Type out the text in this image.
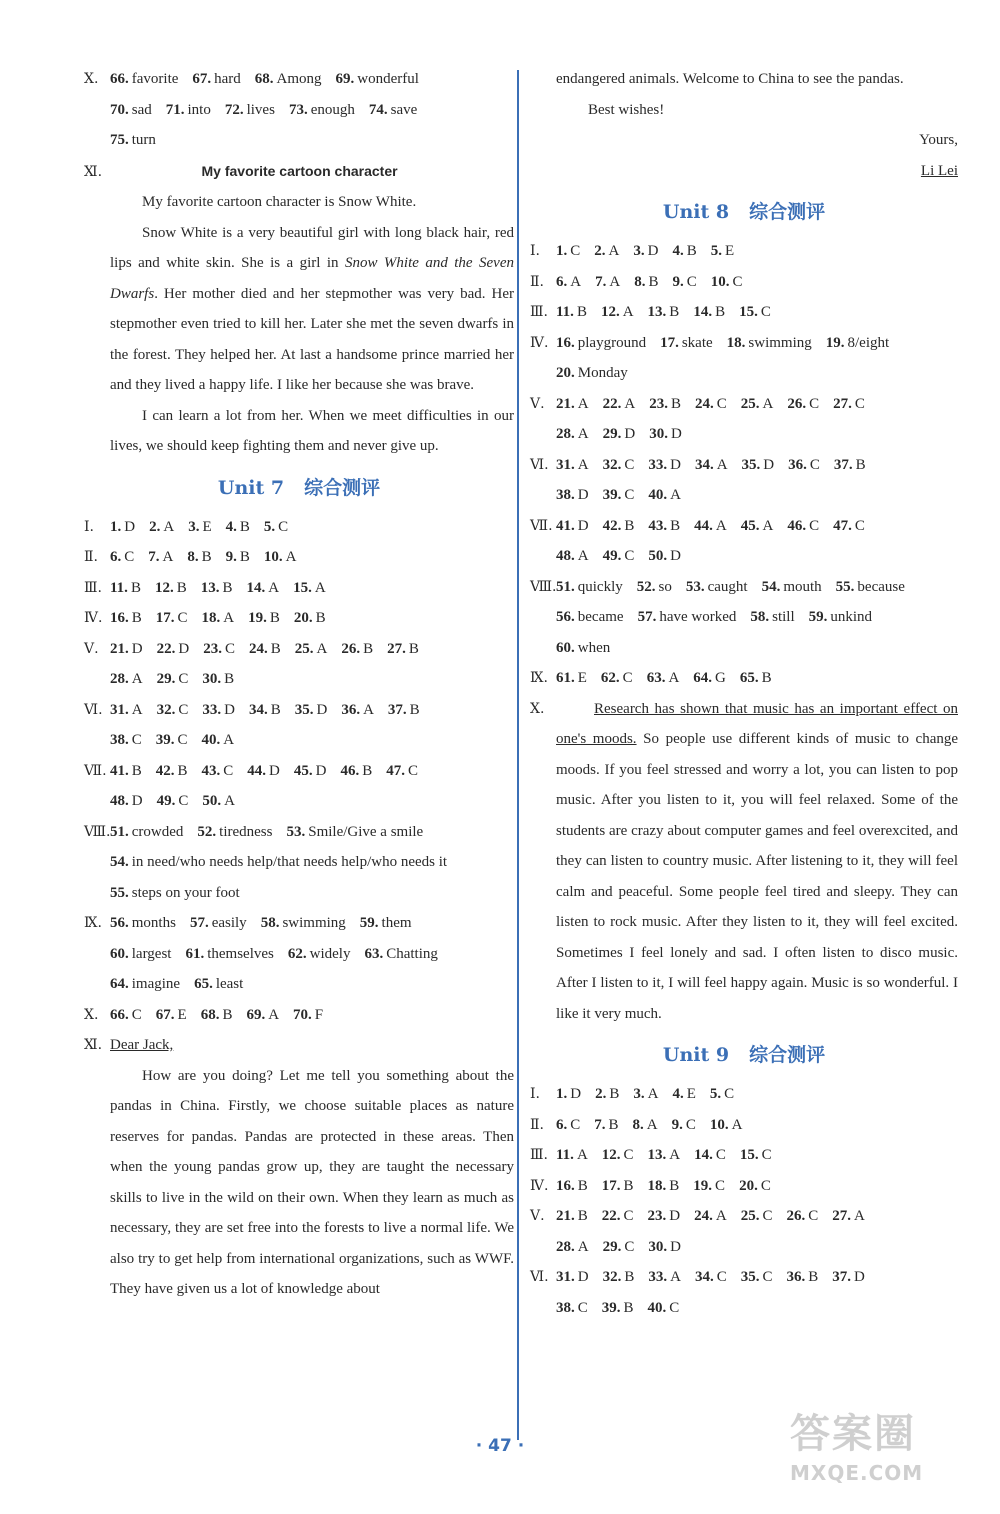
Ⅹ. 66. favorite 67. hard 68. Among 69. wonderful
70. sad 71. into 72. lives 73. enough 74. save
75. turn
Ⅺ.	My favorite cartoon character
My favorite cartoon character is Snow White.
Snow White is a very beautiful girl with long black hair, red lips and white skin. She is a girl in Snow White and the Seven Dwarfs. Her mother died and her stepmother was very bad. Her stepmother even tried to kill her. Later she met the seven dwarfs in the forest. They helped her. At last a handsome prince married her and they lived a happy life. I like her because she was brave.
I can learn a lot from her. When we meet difficulties in our lives, we should keep fighting them and never give up.
Unit 7 综合测评
Ⅰ. 1. D 2. A 3. E 4. B 5. C
Ⅱ. 6. C 7. A 8. B 9. B 10. A
Ⅲ. 11. B 12. B 13. B 14. A 15. A
Ⅳ. 16. B 17. C 18. A 19. B 20. B
Ⅴ. 21. D 22. D 23. C 24. B 25. A 26. B 27. B
28. A 29. C 30. B
Ⅵ. 31. A 32. C 33. D 34. B 35. D 36. A 37. B
38. C 39. C 40. A
Ⅶ. 41. B 42. B 43. C 44. D 45. D 46. B 47. C
48. D 49. C 50. A
Ⅷ.51. crowded 52. tiredness 53. Smile/Give a smile
54. in need/who needs help/that needs help/who needs it
55. steps on your foot
Ⅸ. 56. months 57. easily 58. swimming 59. them
60. largest 61. themselves 62. widely 63. Chatting
64. imagine 65. least
Ⅹ. 66. C 67. E 68. B 69. A 70. F
Ⅺ. Dear Jack,
How are you doing? Let me tell you something about the pandas in China. Firstly, we choose suitable places as nature reserves for pandas. Pandas are protected in these areas. Then when the young pandas grow up, they are taught the necessary skills to live in the wild on their own. When they learn as much as necessary, they are set free into the forests to live a normal life. We also try to get help from international organizations, such as WWF. They have given us a lot of knowledge about
endangered animals. Welcome to China to see the pandas.
Best wishes!
Yours,
Li Lei
Unit 8 综合测评
Ⅰ. 1. C 2. A 3. D 4. B 5. E
Ⅱ. 6. A 7. A 8. B 9. C 10. C
Ⅲ. 11. B 12. A 13. B 14. B 15. C
Ⅳ. 16. playground 17. skate 18. swimming 19. 8/eight
20. Monday
Ⅴ. 21. A 22. A 23. B 24. C 25. A 26. C 27. C
28. A 29. D 30. D
Ⅵ. 31. A 32. C 33. D 34. A 35. D 36. C 37. B
38. D 39. C 40. A
Ⅶ. 41. D 42. B 43. B 44. A 45. A 46. C 47. C
48. A 49. C 50. D
Ⅷ.51. quickly 52. so 53. caught 54. mouth 55. because
56. became 57. have worked 58. still 59. unkind
60. when
Ⅸ. 61. E 62. C 63. A 64. G 65. B
Ⅹ.	Research has shown that music has an important effect on one's moods. So people use different kinds of music to change moods. If you feel stressed and worry a lot, you can listen to pop music. After you listen to it, you will feel relaxed. Some of the students are crazy about computer games and feel overexcited, and they can listen to country music. After listening to it, they will feel calm and peaceful. Some people feel tired and sleepy. They can listen to rock music. After they listen to it, they will feel excited. Sometimes I feel lonely and sad. I often listen to disco music. After I listen to it, I will feel happy again. Music is so wonderful. I like it very much.
Unit 9 综合测评
Ⅰ. 1. D 2. B 3. A 4. E 5. C
Ⅱ. 6. C 7. B 8. A 9. C 10. A
Ⅲ. 11. A 12. C 13. A 14. C 15. C
Ⅳ. 16. B 17. B 18. B 19. C 20. C
Ⅴ. 21. B 22. C 23. D 24. A 25. C 26. C 27. A
28. A 29. C 30. D
Ⅵ. 31. D 32. B 33. A 34. C 35. C 36. B 37. D
38. C 39. B 40. C
· 47 ·	答案圈
MXQE.COM
